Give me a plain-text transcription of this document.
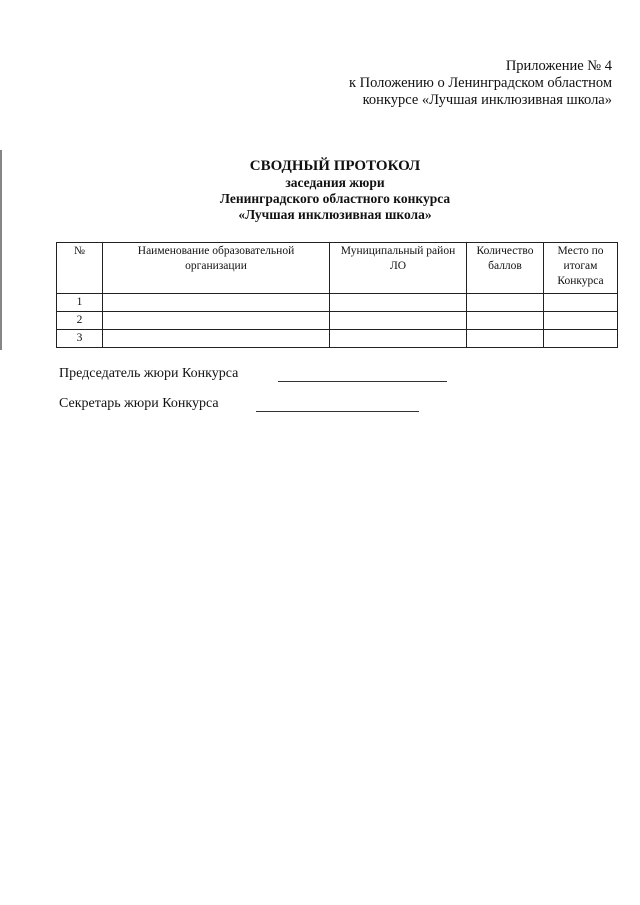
Приложение № 4
к Положению о Ленинградском областном
конкурсе «Лучшая инклюзивная школа»
СВОДНЫЙ ПРОТОКОЛ
заседания жюри
Ленинградского областного конкурса
«Лучшая инклюзивная школа»
№	Наименование образовательной организации	Муниципальный район ЛО	Количество баллов	Место по итогам Конкурса
1				
2				
3				
Председатель жюри Конкурса
Секретарь жюри Конкурса
